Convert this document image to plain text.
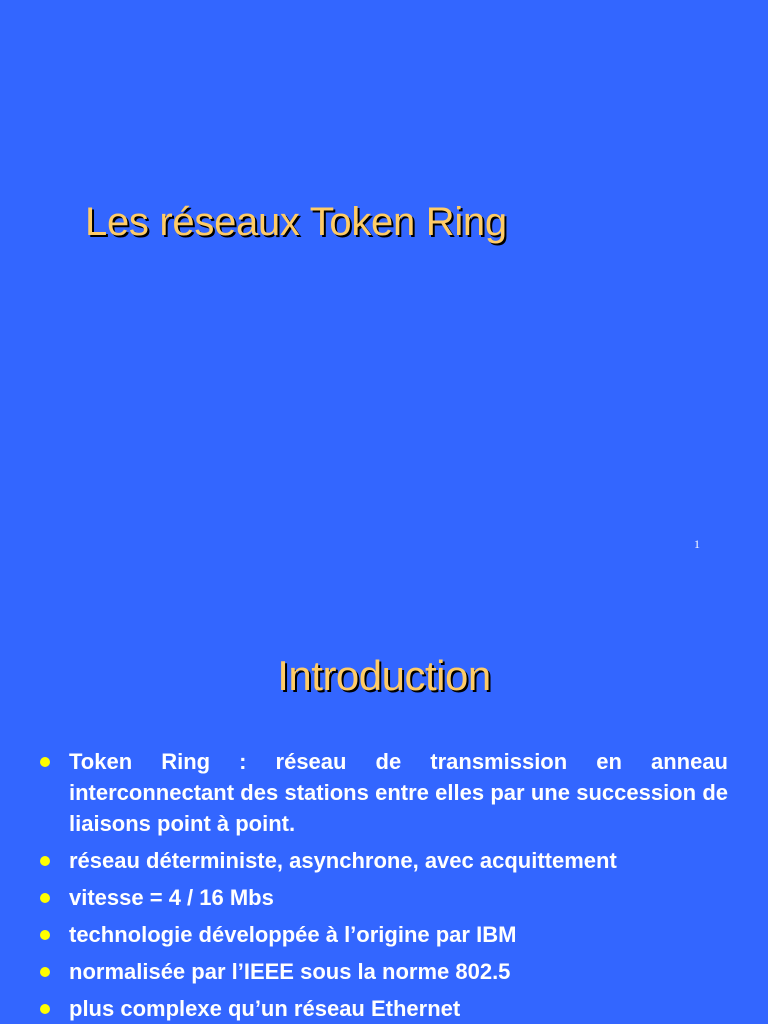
Les réseaux Token Ring
1
Introduction
Token Ring : réseau de transmission en anneau interconnectant des stations entre elles par une succession de liaisons point à point.
réseau déterministe, asynchrone, avec acquittement
vitesse = 4 / 16 Mbs
technologie développée à l’origine par IBM
normalisée par l’IEEE sous la norme 802.5
plus complexe qu’un réseau Ethernet
